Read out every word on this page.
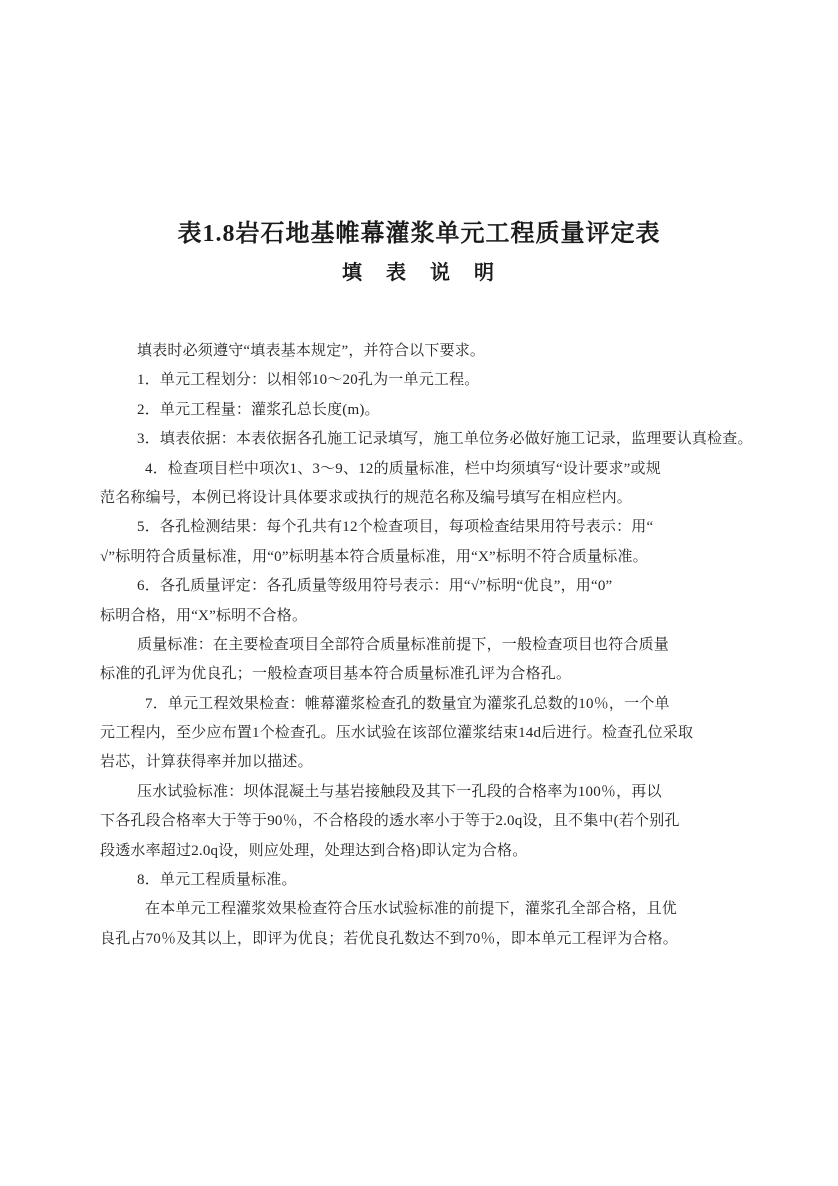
表1.8岩石地基帷幕灌浆单元工程质量评定表
填　表　说　明
填表时必须遵守“填表基本规定”，并符合以下要求。
1．单元工程划分：以相邻10～20孔为一单元工程。
2．单元工程量：灌浆孔总长度(m)。
3．填表依据：本表依据各孔施工记录填写，施工单位务必做好施工记录，监理要认真检查。
4．检查项目栏中项次1、3～9、12的质量标准，栏中均须填写“设计要求”或规
范名称编号，本例已将设计具体要求或执行的规范名称及编号填写在相应栏内。
5．各孔检测结果：每个孔共有12个检查项目，每项检查结果用符号表示：用“
√”标明符合质量标准，用“0”标明基本符合质量标准，用“X”标明不符合质量标准。
6．各孔质量评定：各孔质量等级用符号表示：用“√”标明“优良”，用“0”
标明合格，用“X”标明不合格。
质量标准：在主要检查项目全部符合质量标准前提下，一般检查项目也符合质量
标准的孔评为优良孔；一般检查项目基本符合质量标准孔评为合格孔。
7．单元工程效果检查：帷幕灌浆检查孔的数量宜为灌浆孔总数的10％，一个单
元工程内，至少应布置1个检查孔。压水试验在该部位灌浆结束14d后进行。检查孔位采取
岩芯，计算获得率并加以描述。
压水试验标准：坝体混凝土与基岩接触段及其下一孔段的合格率为100％，再以
下各孔段合格率大于等于90％，不合格段的透水率小于等于2.0q设，且不集中(若个别孔
段透水率超过2.0q设，则应处理，处理达到合格)即认定为合格。
8．单元工程质量标准。
在本单元工程灌浆效果检查符合压水试验标准的前提下，灌浆孔全部合格，且优
良孔占70％及其以上，即评为优良；若优良孔数达不到70％，即本单元工程评为合格。
